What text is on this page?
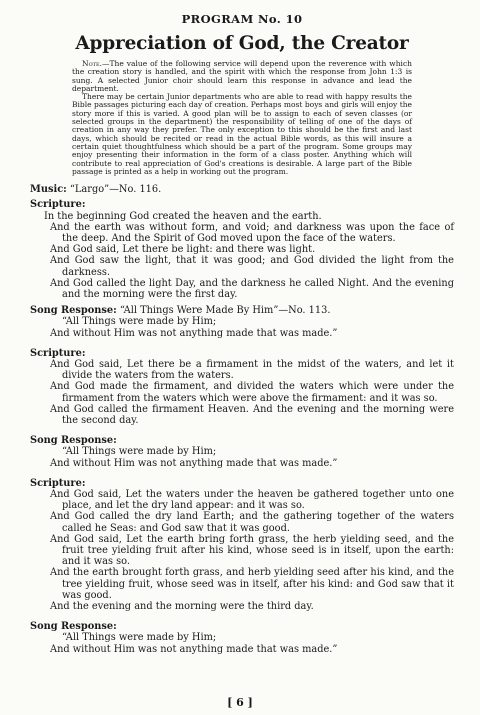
PROGRAM No. 10
Appreciation of God, the Creator

Note.—The value of the following service will depend upon the reverence with which the creation story is handled, and the spirit with which the response from John 1:3 is sung. A selected Junior choir should learn this response in advance and lead the department.

There may be certain Junior departments who are able to read with happy results the Bible passages picturing each day of creation. Perhaps most boys and girls will enjoy the story more if this is varied. A good plan will be to assign to each of seven classes (or selected groups in the department) the responsibility of telling of one of the days of creation in any way they prefer. The only exception to this should be the first and last days, which should be recited or read in the actual Bible words, as this will insure a certain quiet thoughtfulness which should be a part of the program. Some groups may enjoy presenting their information in the form of a class poster. Anything which will contribute to real appreciation of God's creations is desirable. A large part of the Bible passage is printed as a help in working out the program.

Music: “Largo”—No. 116.
Scripture:
In the beginning God created the heaven and the earth.
And the earth was without form, and void; and darkness was upon the face of the deep. And the Spirit of God moved upon the face of the waters.
And God said, Let there be light: and there was light.
And God saw the light, that it was good; and God divided the light from the darkness.
And God called the light Day, and the darkness he called Night. And the evening and the morning were the first day.
Song Response: “All Things Were Made By Him”—No. 113.
“All Things were made by Him;
And without Him was not anything made that was made.”
Scripture:
And God said, Let there be a firmament in the midst of the waters, and let it divide the waters from the waters.
And God made the firmament, and divided the waters which were under the firmament from the waters which were above the firmament: and it was so.
And God called the firmament Heaven. And the evening and the morning were the second day.
Song Response:
“All Things were made by Him;
And without Him was not anything made that was made.”
Scripture:
And God said, Let the waters under the heaven be gathered together unto one place, and let the dry land appear: and it was so.
And God called the dry land Earth; and the gathering together of the waters called he Seas: and God saw that it was good.
And God said, Let the earth bring forth grass, the herb yielding seed, and the fruit tree yielding fruit after his kind, whose seed is in itself, upon the earth: and it was so.
And the earth brought forth grass, and herb yielding seed after his kind, and the tree yielding fruit, whose seed was in itself, after his kind: and God saw that it was good.
And the evening and the morning were the third day.
Song Response:
“All Things were made by Him;
And without Him was not anything made that was made.”
[ 6 ]
